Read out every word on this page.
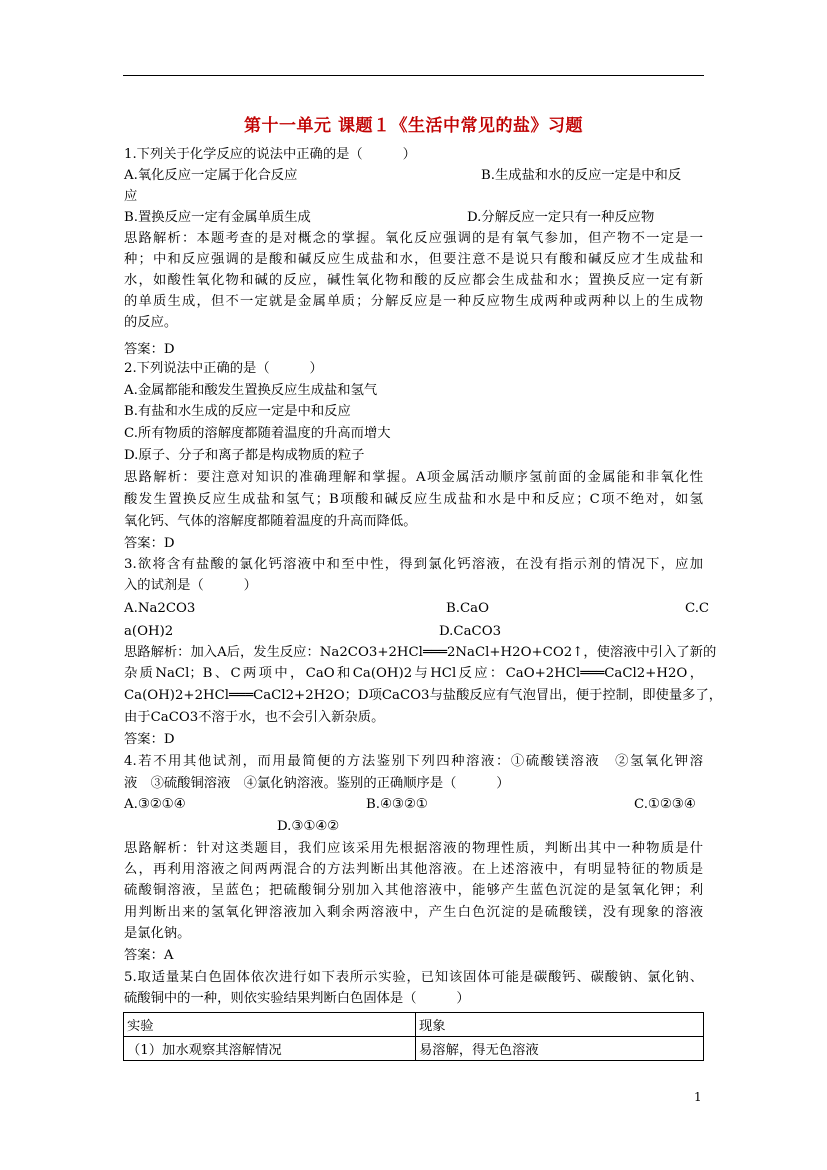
第十一单元 课题１《生活中常见的盐》习题
1.下列关于化学反应的说法中正确的是（　　　）
A.氧化反应一定属于化合反应	B.生成盐和水的反应一定是中和反
应
B.置换反应一定有金属单质生成	D.分解反应一定只有一种反应物
思路解析：本题考查的是对概念的掌握。氧化反应强调的是有氧气参加，但产物不一定是一
种；中和反应强调的是酸和碱反应生成盐和水，但要注意不是说只有酸和碱反应才生成盐和
水，如酸性氧化物和碱的反应，碱性氧化物和酸的反应都会生成盐和水；置换反应一定有新
的单质生成，但不一定就是金属单质；分解反应是一种反应物生成两种或两种以上的生成物
的反应。
答案：D
2.下列说法中正确的是（　　　）
A.金属都能和酸发生置换反应生成盐和氢气
B.有盐和水生成的反应一定是中和反应
C.所有物质的溶解度都随着温度的升高而增大
D.原子、分子和离子都是构成物质的粒子
思路解析：要注意对知识的准确理解和掌握。A项金属活动顺序氢前面的金属能和非氧化性
酸发生置换反应生成盐和氢气；B项酸和碱反应生成盐和水是中和反应；C项不绝对，如氢
氧化钙、气体的溶解度都随着温度的升高而降低。
答案：D
3.欲将含有盐酸的氯化钙溶液中和至中性，得到氯化钙溶液，在没有指示剂的情况下，应加
入的试剂是（　　　）
A.Na2CO3	B.CaO	C.C
a(OH)2	D.CaCO3
思路解析：加入A后，发生反应：Na2CO3+2HCl═══2NaCl+H2O+CO2↑，使溶液中引入了新的
杂质NaCl；B、C两项中，CaO和Ca(OH)2与HCl反应：CaO+2HCl═══CaCl2+H2O，
Ca(OH)2+2HCl═══CaCl2+2H2O；D项CaCO3与盐酸反应有气泡冒出，便于控制，即使量多了，
由于CaCO3不溶于水，也不会引入新杂质。
答案：D
4.若不用其他试剂，而用最简便的方法鉴别下列四种溶液：①硫酸镁溶液　②氢氧化钾溶
液　③硫酸铜溶液　④氯化钠溶液。鉴别的正确顺序是（　　　）
A.③②①④	B.④③②①	C.①②③④
D.③①④②
思路解析：针对这类题目，我们应该采用先根据溶液的物理性质，判断出其中一种物质是什
么，再利用溶液之间两两混合的方法判断出其他溶液。在上述溶液中，有明显特征的物质是
硫酸铜溶液，呈蓝色；把硫酸铜分别加入其他溶液中，能够产生蓝色沉淀的是氢氧化钾；利
用判断出来的氢氧化钾溶液加入剩余两溶液中，产生白色沉淀的是硫酸镁，没有现象的溶液
是氯化钠。
答案：A
5.取适量某白色固体依次进行如下表所示实验，已知该固体可能是碳酸钙、碳酸钠、氯化钠、
硫酸铜中的一种，则依实验结果判断白色固体是（　　　）
实验	现象
（1）加水观察其溶解情况	易溶解，得无色溶液
1
